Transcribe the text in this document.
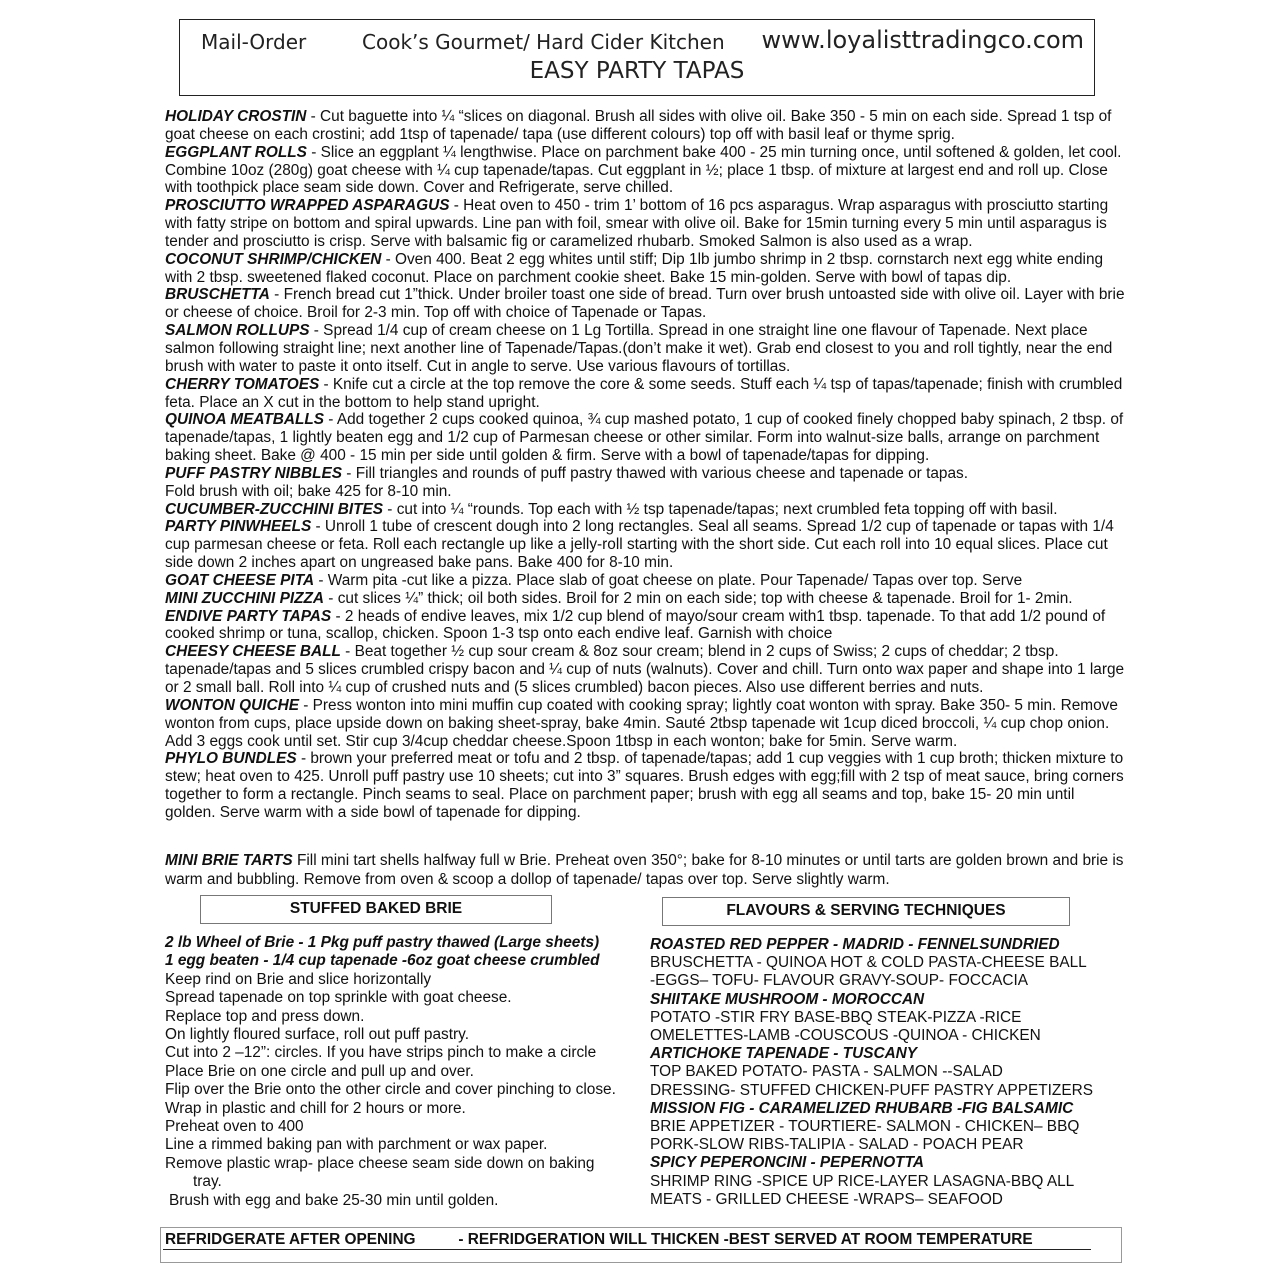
Mail-Order	Cook’s Gourmet/ Hard Cider Kitchen www.loyalisttradingco.com
EASY PARTY TAPAS
HOLIDAY CROSTIN - Cut baguette into ¼ “slices on diagonal. Brush all sides with olive oil. Bake 350 - 5 min on each side. Spread 1 tsp of goat cheese on each crostini; add 1tsp of tapenade/ tapa (use different colours) top off with basil leaf or thyme sprig.
EGGPLANT ROLLS - Slice an eggplant ¼ lengthwise. Place on parchment bake 400 - 25 min turning once, until softened & golden, let cool. Combine 10oz (280g) goat cheese with ¼ cup tapenade/tapas. Cut eggplant in ½; place 1 tbsp. of mixture at largest end and roll up. Close with toothpick place seam side down. Cover and Refrigerate, serve chilled.
PROSCIUTTO WRAPPED ASPARAGUS - Heat oven to 450 - trim 1’ bottom of 16 pcs asparagus. Wrap asparagus with prosciutto starting with fatty stripe on bottom and spiral upwards. Line pan with foil, smear with olive oil. Bake for 15min turning every 5 min until asparagus is tender and prosciutto is crisp. Serve with balsamic fig or caramelized rhubarb. Smoked Salmon is also used as a wrap.
COCONUT SHRIMP/CHICKEN - Oven 400. Beat 2 egg whites until stiff; Dip 1lb jumbo shrimp in 2 tbsp. cornstarch next egg white ending with 2 tbsp. sweetened flaked coconut. Place on parchment cookie sheet. Bake 15 min-golden. Serve with bowl of tapas dip.
BRUSCHETTA - French bread cut 1”thick. Under broiler toast one side of bread. Turn over brush untoasted side with olive oil. Layer with brie or cheese of choice. Broil for 2-3 min. Top off with choice of Tapenade or Tapas.
SALMON ROLLUPS - Spread 1/4 cup of cream cheese on 1 Lg Tortilla. Spread in one straight line one flavour of Tapenade. Next place salmon following straight line; next another line of Tapenade/Tapas.(don’t make it wet). Grab end closest to you and roll tightly, near the end brush with water to paste it onto itself. Cut in angle to serve. Use various flavours of tortillas.
CHERRY TOMATOES - Knife cut a circle at the top remove the core & some seeds. Stuff each ¼ tsp of tapas/tapenade; finish with crumbled feta. Place an X cut in the bottom to help stand upright.
QUINOA MEATBALLS - Add together 2 cups cooked quinoa, ¾ cup mashed potato, 1 cup of cooked finely chopped baby spinach, 2 tbsp. of tapenade/tapas, 1 lightly beaten egg and 1/2 cup of Parmesan cheese or other similar. Form into walnut-size balls, arrange on parchment baking sheet. Bake @ 400 - 15 min per side until golden & firm. Serve with a bowl of tapenade/tapas for dipping.
PUFF PASTRY NIBBLES - Fill triangles and rounds of puff pastry thawed with various cheese and tapenade or tapas.
Fold brush with oil; bake 425 for 8-10 min.
CUCUMBER-ZUCCHINI BITES - cut into ¼ “rounds. Top each with ½ tsp tapenade/tapas; next crumbled feta topping off with basil.
PARTY PINWHEELS - Unroll 1 tube of crescent dough into 2 long rectangles. Seal all seams. Spread 1/2 cup of tapenade or tapas with 1/4 cup parmesan cheese or feta. Roll each rectangle up like a jelly-roll starting with the short side. Cut each roll into 10 equal slices. Place cut side down 2 inches apart on ungreased bake pans. Bake 400 for 8-10 min.
GOAT CHEESE PITA - Warm pita -cut like a pizza. Place slab of goat cheese on plate. Pour Tapenade/ Tapas over top. Serve
MINI ZUCCHINI PIZZA - cut slices ¼” thick; oil both sides. Broil for 2 min on each side; top with cheese & tapenade. Broil for 1- 2min.
ENDIVE PARTY TAPAS - 2 heads of endive leaves, mix 1/2 cup blend of mayo/sour cream with1 tbsp. tapenade. To that add 1/2 pound of cooked shrimp or tuna, scallop, chicken. Spoon 1-3 tsp onto each endive leaf. Garnish with choice
CHEESY CHEESE BALL - Beat together ½ cup sour cream & 8oz sour cream; blend in 2 cups of Swiss; 2 cups of cheddar; 2 tbsp. tapenade/tapas and 5 slices crumbled crispy bacon and ¼ cup of nuts (walnuts). Cover and chill. Turn onto wax paper and shape into 1 large or 2 small ball. Roll into ¼ cup of crushed nuts and (5 slices crumbled) bacon pieces. Also use different berries and nuts.
WONTON QUICHE - Press wonton into mini muffin cup coated with cooking spray; lightly coat wonton with spray. Bake 350- 5 min. Remove wonton from cups, place upside down on baking sheet-spray, bake 4min. Sauté 2tbsp tapenade wit 1cup diced broccoli, ¼ cup chop onion. Add 3 eggs cook until set. Stir cup 3/4cup cheddar cheese.Spoon 1tbsp in each wonton; bake for 5min. Serve warm.
PHYLO BUNDLES - brown your preferred meat or tofu and 2 tbsp. of tapenade/tapas; add 1 cup veggies with 1 cup broth; thicken mixture to stew; heat oven to 425. Unroll puff pastry use 10 sheets; cut into 3” squares. Brush edges with egg;fill with 2 tsp of meat sauce, bring corners together to form a rectangle. Pinch seams to seal. Place on parchment paper; brush with egg all seams and top, bake 15- 20 min until golden. Serve warm with a side bowl of tapenade for dipping.
MINI BRIE TARTS Fill mini tart shells halfway full w Brie. Preheat oven 350°; bake for 8-10 minutes or until tarts are golden brown and brie is warm and bubbling. Remove from oven & scoop a dollop of tapenade/ tapas over top. Serve slightly warm.
STUFFED BAKED BRIE	FLAVOURS & SERVING TECHNIQUES
2 lb Wheel of Brie - 1 Pkg puff pastry thawed (Large sheets)
1 egg beaten - 1/4 cup tapenade -6oz goat cheese crumbled
Keep rind on Brie and slice horizontally
Spread tapenade on top sprinkle with goat cheese.
Replace top and press down.
On lightly floured surface, roll out puff pastry.
Cut into 2 –12”: circles. If you have strips pinch to make a circle
Place Brie on one circle and pull up and over.
Flip over the Brie onto the other circle and cover pinching to close.
Wrap in plastic and chill for 2 hours or more.
Preheat oven to 400
Line a rimmed baking pan with parchment or wax paper.
Remove plastic wrap- place cheese seam side down on baking
tray.
Brush with egg and bake 25-30 min until golden.
ROASTED RED PEPPER - MADRID - FENNELSUNDRIED
BRUSCHETTA - QUINOA HOT & COLD PASTA-CHEESE BALL
-EGGS– TOFU- FLAVOUR GRAVY-SOUP- FOCCACIA
SHIITAKE MUSHROOM - MOROCCAN
POTATO -STIR FRY BASE-BBQ STEAK-PIZZA -RICE
OMELETTES-LAMB -COUSCOUS -QUINOA - CHICKEN
ARTICHOKE TAPENADE - TUSCANY
TOP BAKED POTATO- PASTA - SALMON --SALAD
DRESSING- STUFFED CHICKEN-PUFF PASTRY APPETIZERS
MISSION FIG - CARAMELIZED RHUBARB -FIG BALSAMIC
BRIE APPETIZER - TOURTIERE- SALMON - CHICKEN– BBQ
PORK-SLOW RIBS-TALIPIA - SALAD - POACH PEAR
SPICY PEPERONCINI - PEPERNOTTA
SHRIMP RING -SPICE UP RICE-LAYER LASAGNA-BBQ ALL
MEATS - GRILLED CHEESE -WRAPS– SEAFOOD
REFRIDGERATE AFTER OPENING	- REFRIDGERATION WILL THICKEN -BEST SERVED AT ROOM TEMPERATURE
